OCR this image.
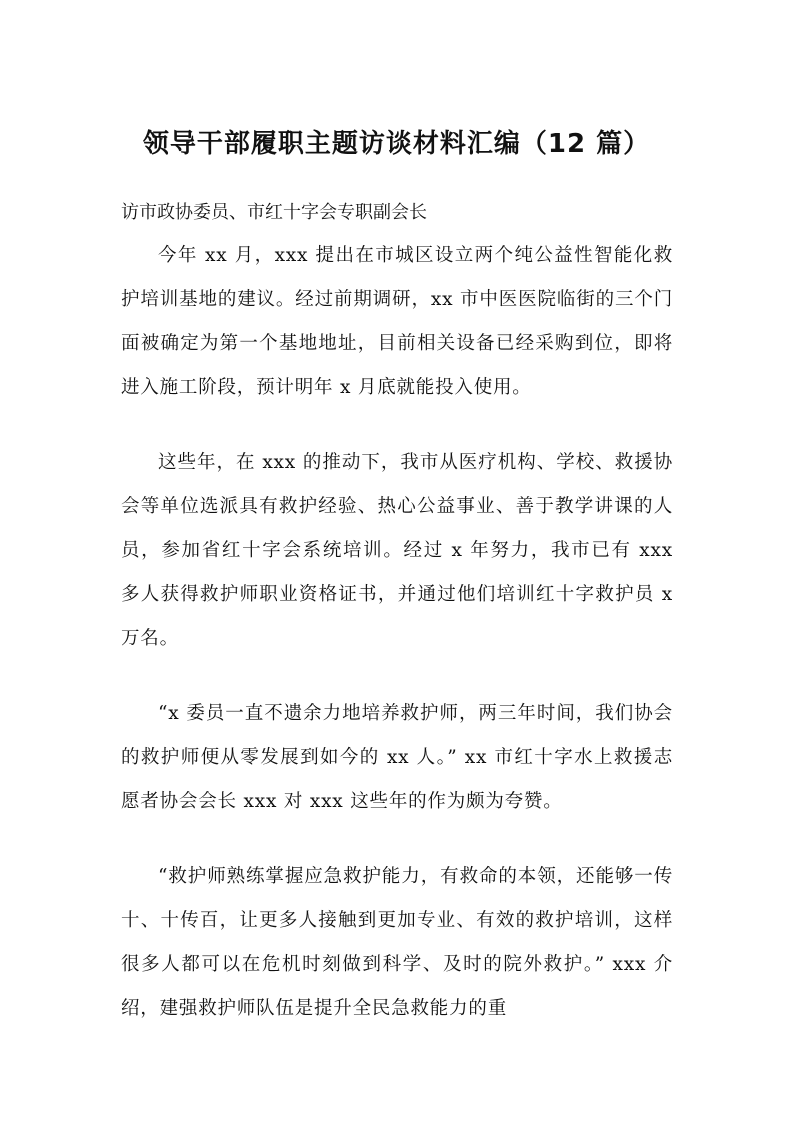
领导干部履职主题访谈材料汇编（12 篇）

访市政协委员、市红十字会专职副会长

今年 xx 月，xxx 提出在市城区设立两个纯公益性智能化救护培训基地的建议。经过前期调研，xx 市中医医院临街的三个门面被确定为第一个基地地址，目前相关设备已经采购到位，即将进入施工阶段，预计明年 x 月底就能投入使用。

这些年，在 xxx 的推动下，我市从医疗机构、学校、救援协会等单位选派具有救护经验、热心公益事业、善于教学讲课的人员，参加省红十字会系统培训。经过 x 年努力，我市已有 xxx 多人获得救护师职业资格证书，并通过他们培训红十字救护员 x 万名。

“x 委员一直不遗余力地培养救护师，两三年时间，我们协会的救护师便从零发展到如今的 xx 人。” xx 市红十字水上救援志愿者协会会长 xxx 对 xxx 这些年的作为颇为夸赞。

“救护师熟练掌握应急救护能力，有救命的本领，还能够一传十、十传百，让更多人接触到更加专业、有效的救护培训，这样很多人都可以在危机时刻做到科学、及时的院外救护。” xxx 介绍，建强救护师队伍是提升全民急救能力的重
